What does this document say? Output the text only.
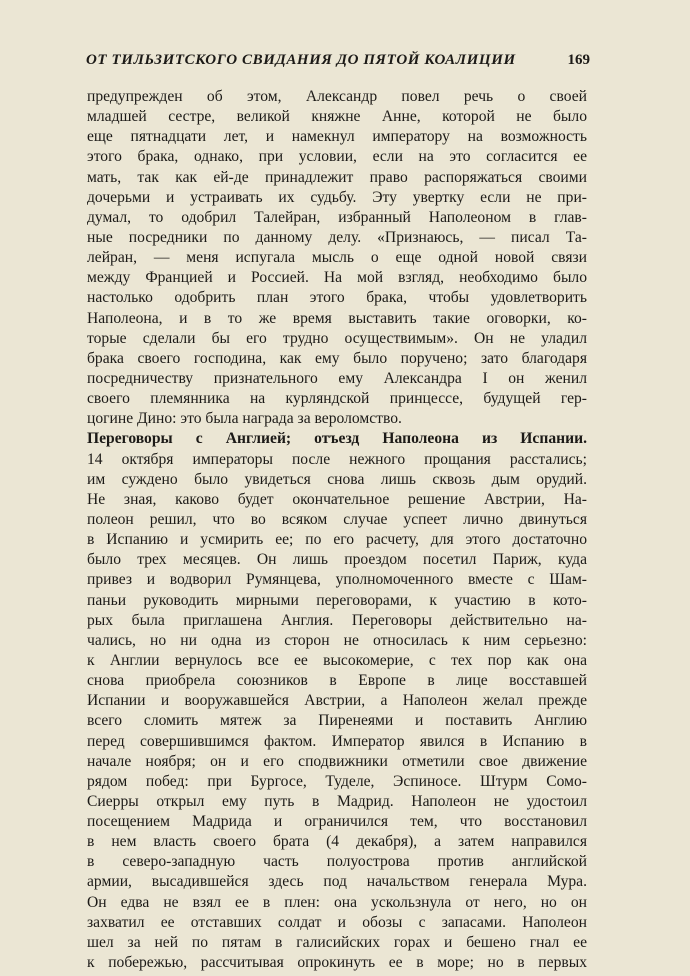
ОТ ТИЛЬЗИТСКОГО СВИДАНИЯ ДО ПЯТОЙ КОАЛИЦИИ	169
предупрежден об этом, Александр повел речь о своей
младшей сестре, великой княжне Анне, которой не было
еще пятнадцати лет, и намекнул императору на возможность
этого брака, однако, при условии, если на это согласится ее
мать, так как ей-де принадлежит право распоряжаться своими
дочерьми и устраивать их судьбу. Эту увертку если не при-
думал, то одобрил Талейран, избранный Наполеоном в глав-
ные посредники по данному делу. «Признаюсь, — писал Та-
лейран, — меня испугала мысль о еще одной новой связи
между Францией и Россией. На мой взгляд, необходимо было
настолько одобрить план этого брака, чтобы удовлетворить
Наполеона, и в то же время выставить такие оговорки, ко-
торые сделали бы его трудно осуществимым». Он не уладил
брака своего господина, как ему было поручено; зато благодаря
посредничеству признательного ему Александра I он женил
своего племянника на курляндской принцессе, будущей гер-
цогине Дино: это была награда за вероломство.
Переговоры с Англией; отъезд Наполеона из Испании.
14 октября императоры после нежного прощания расстались;
им суждено было увидеться снова лишь сквозь дым орудий.
Не зная, каково будет окончательное решение Австрии, На-
полеон решил, что во всяком случае успеет лично двинуться
в Испанию и усмирить ее; по его расчету, для этого достаточно
было трех месяцев. Он лишь проездом посетил Париж, куда
привез и водворил Румянцева, уполномоченного вместе с Шам-
паньи руководить мирными переговорами, к участию в кото-
рых была приглашена Англия. Переговоры действительно на-
чались, но ни одна из сторон не относилась к ним серьезно:
к Англии вернулось все ее высокомерие, с тех пор как она
снова приобрела союзников в Европе в лице восставшей
Испании и вооружавшейся Австрии, а Наполеон желал прежде
всего сломить мятеж за Пиренеями и поставить Англию
перед совершившимся фактом. Император явился в Испанию в
начале ноября; он и его сподвижники отметили свое движение
рядом побед: при Бургосе, Туделе, Эспиносе. Штурм Сомо-
Сиерры открыл ему путь в Мадрид. Наполеон не удостоил
посещением Мадрида и ограничился тем, что восстановил
в нем власть своего брата (4 декабря), а затем направился
в северо-западную часть полуострова против английской
армии, высадившейся здесь под начальством генерала Мура.
Он едва не взял ее в плен: она ускользнула от него, но он
захватил ее отставших солдат и обозы с запасами. Наполеон
шел за ней по пятам в галисийских горах и бешено гнал ее
к побережью, рассчитывая опрокинуть ее в море; но в первых
